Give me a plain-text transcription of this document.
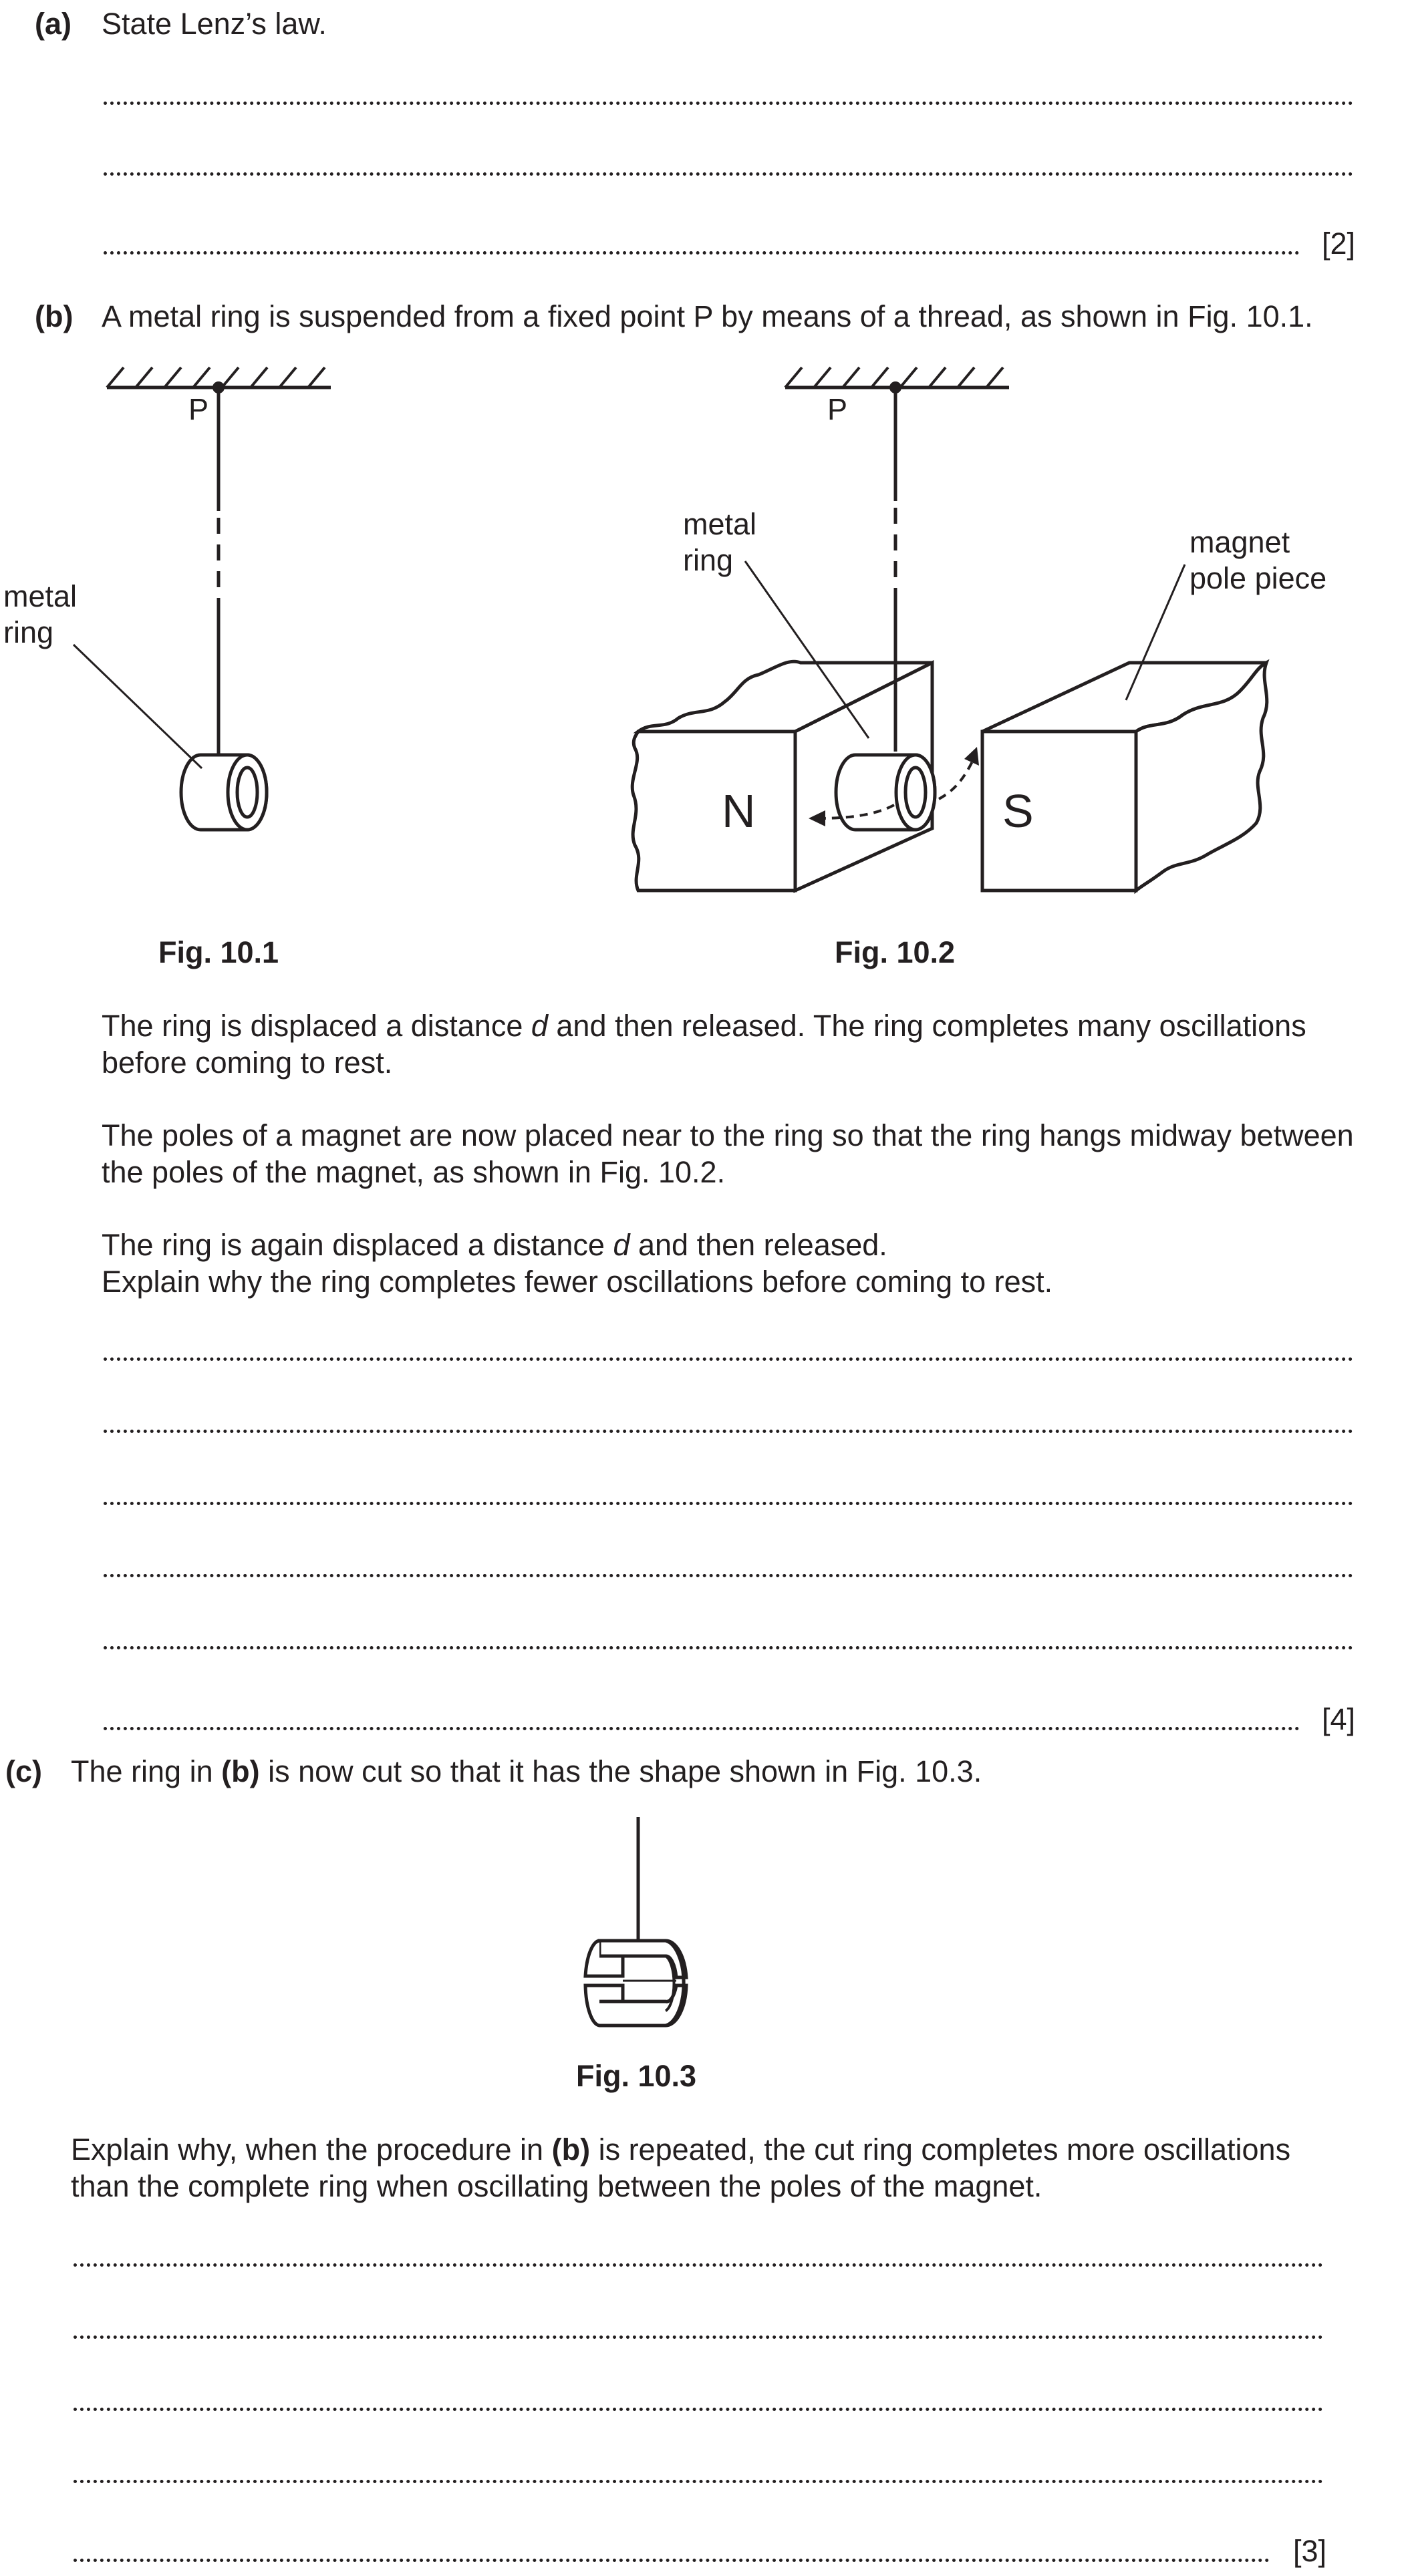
(a) State Lenz’s law.
[2]
(b) A metal ring is suspended from a fixed point P by means of a thread, as shown in Fig. 10.1.
metal
ring
P	P
metal
ring
magnet
pole piece
N	S
Fig. 10.1	Fig. 10.2
The ring is displaced a distance d and then released. The ring completes many oscillations before coming to rest.
The poles of a magnet are now placed near to the ring so that the ring hangs midway between the poles of the magnet, as shown in Fig. 10.2.
The ring is again displaced a distance d and then released.
Explain why the ring completes fewer oscillations before coming to rest.
[4]
(c) The ring in (b) is now cut so that it has the shape shown in Fig. 10.3.
Fig. 10.3
Explain why, when the procedure in (b) is repeated, the cut ring completes more oscillations than the complete ring when oscillating between the poles of the magnet.
[3]
